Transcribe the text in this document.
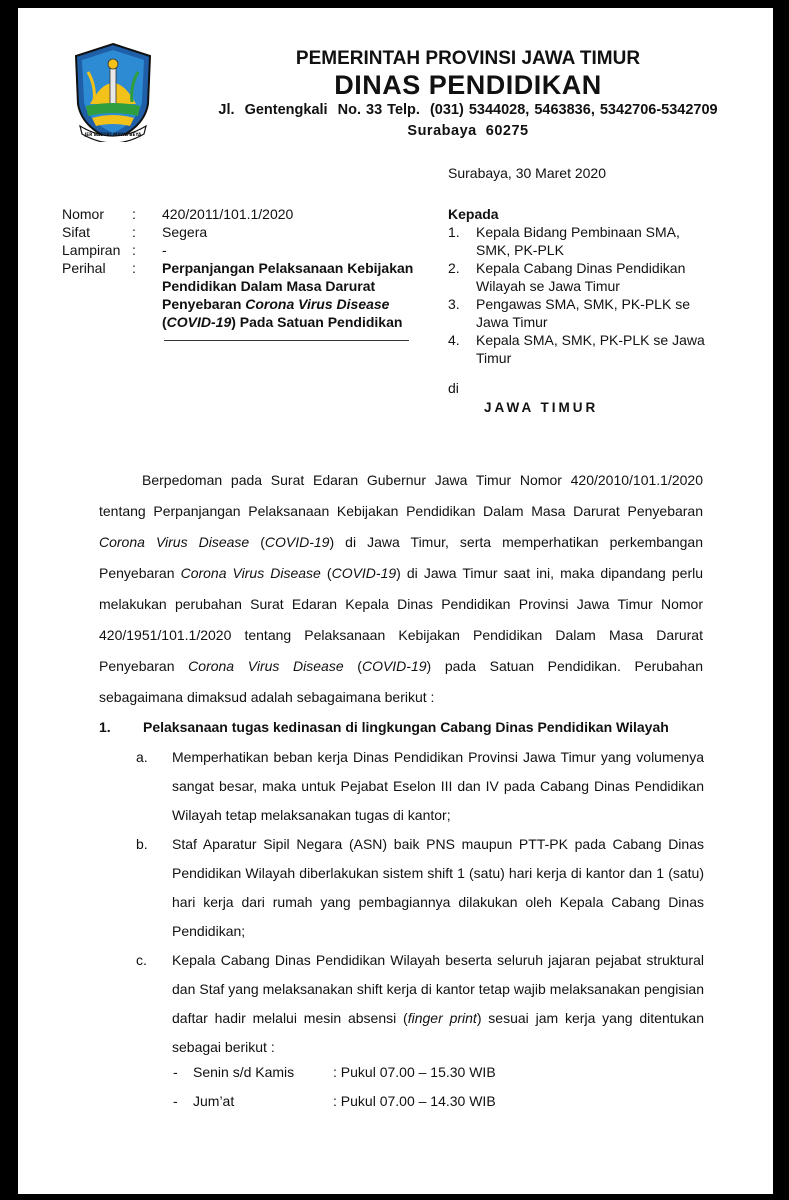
JER BASUKI MAWA BEYA
PEMERINTAH PROVINSI JAWA TIMUR
DINAS PENDIDIKAN
Jl.  Gentengkali  No. 33 Telp.  (031) 5344028, 5463836, 5342706-5342709
Surabaya  60275
Surabaya, 30 Maret 2020
Nomor	:	420/2011/101.1/2020
Sifat	:	Segera
Lampiran :	-
Perihal	:	Perpanjangan Pelaksanaan Kebijakan Pendidikan Dalam Masa Darurat Penyebaran Corona Virus Disease (COVID-19) Pada Satuan Pendidikan
Kepada
1.	Kepala Bidang Pembinaan SMA, SMK, PK-PLK
2.	Kepala Cabang Dinas Pendidikan Wilayah se Jawa Timur
3.	Pengawas SMA, SMK, PK-PLK se Jawa Timur
4.	Kepala SMA, SMK, PK-PLK se Jawa Timur
di
JAWA TIMUR

Berpedoman pada Surat Edaran Gubernur Jawa Timur Nomor 420/2010/101.1/2020 tentang Perpanjangan Pelaksanaan Kebijakan Pendidikan Dalam Masa Darurat Penyebaran Corona Virus Disease (COVID-19) di Jawa Timur, serta memperhatikan perkembangan Penyebaran Corona Virus Disease (COVID-19) di Jawa Timur saat ini, maka dipandang perlu melakukan perubahan Surat Edaran Kepala Dinas Pendidikan Provinsi Jawa Timur Nomor 420/1951/101.1/2020 tentang Pelaksanaan Kebijakan Pendidikan Dalam Masa Darurat Penyebaran Corona Virus Disease (COVID-19) pada Satuan Pendidikan. Perubahan sebagaimana dimaksud adalah sebagaimana berikut :

1. Pelaksanaan tugas kedinasan di lingkungan Cabang Dinas Pendidikan Wilayah
a.	Memperhatikan beban kerja Dinas Pendidikan Provinsi Jawa Timur yang volumenya sangat besar, maka untuk Pejabat Eselon III dan IV pada Cabang Dinas Pendidikan Wilayah tetap melaksanakan tugas di kantor;
b.	Staf Aparatur Sipil Negara (ASN) baik PNS maupun PTT-PK pada Cabang Dinas Pendidikan Wilayah diberlakukan sistem shift 1 (satu) hari kerja di kantor dan 1 (satu) hari kerja dari rumah yang pembagiannya dilakukan oleh Kepala Cabang Dinas Pendidikan;
c.	Kepala Cabang Dinas Pendidikan Wilayah beserta seluruh jajaran pejabat struktural dan Staf yang melaksanakan shift kerja di kantor tetap wajib melaksanakan pengisian daftar hadir melalui mesin absensi (finger print) sesuai jam kerja yang ditentukan sebagai berikut :
-	Senin s/d Kamis	: Pukul 07.00 – 15.30 WIB
-	Jum’at	: Pukul 07.00 – 14.30 WIB
